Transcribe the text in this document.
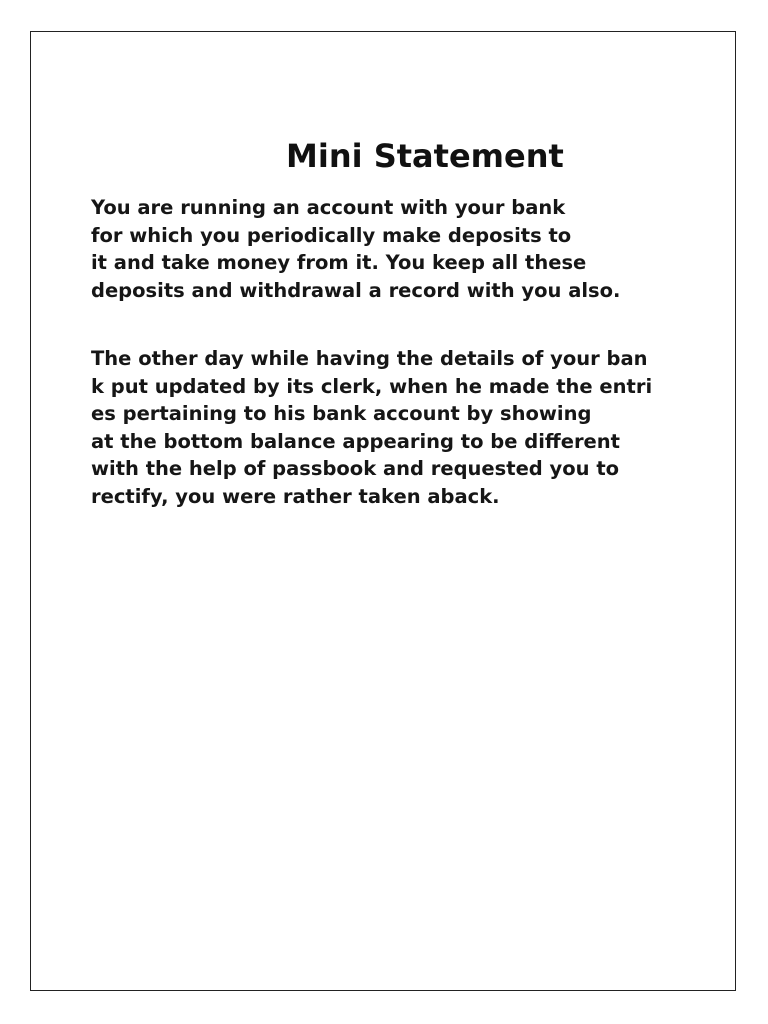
Mini Statement

You are running an account with your bank
for which you periodically make deposits to
it and take money from it. You keep all these
deposits and withdrawal a record with you also.

The other day while having the details of your ban
k put updated by its clerk, when he made the entri
es pertaining to his bank account by showing
at the bottom balance appearing to be different
with the help of passbook and requested you to
rectify, you were rather taken aback.
